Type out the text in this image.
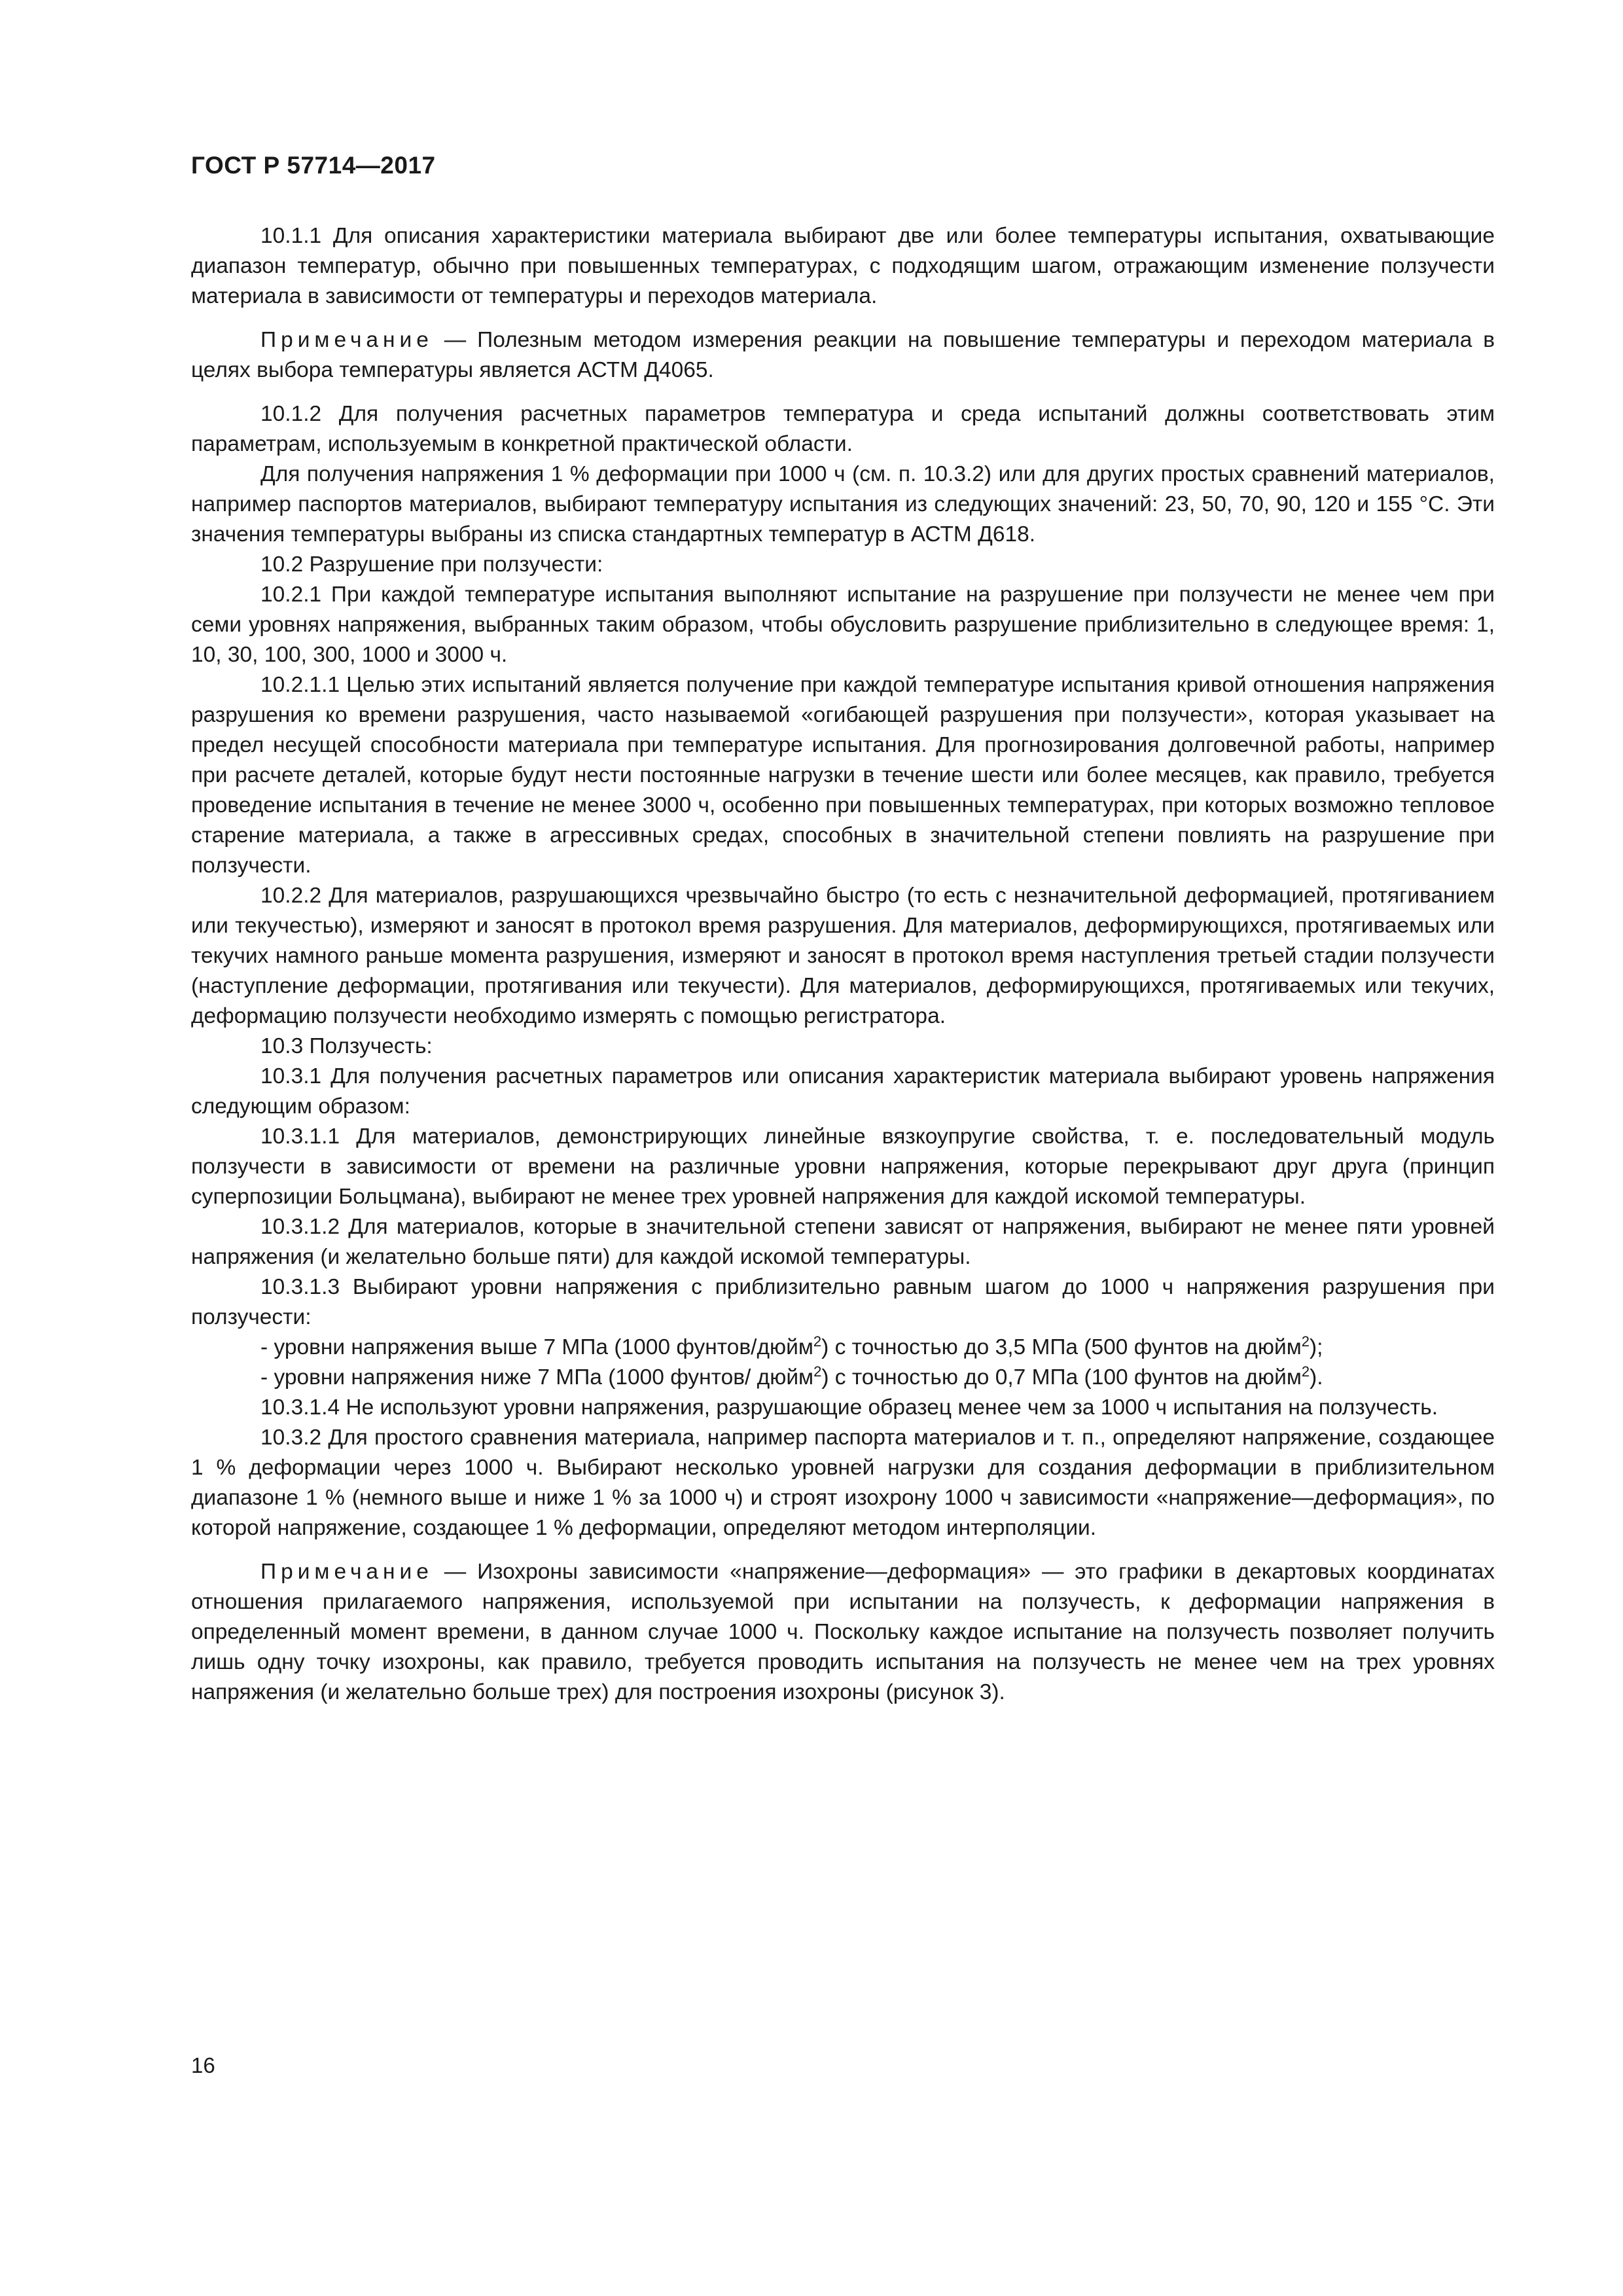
ГОСТ Р 57714—2017

10.1.1 Для описания характеристики материала выбирают две или более температуры испытания, охватывающие диапазон температур, обычно при повышенных температурах, с подходящим шагом, отражающим изменение ползучести материала в зависимости от температуры и переходов материала.

Примечание — Полезным методом измерения реакции на повышение температуры и переходом материала в целях выбора температуры является АСТМ Д4065.

10.1.2 Для получения расчетных параметров температура и среда испытаний должны соответствовать этим параметрам, используемым в конкретной практической области.

Для получения напряжения 1 % деформации при 1000 ч (см. п. 10.3.2) или для других простых сравнений материалов, например паспортов материалов, выбирают температуру испытания из следующих значений: 23, 50, 70, 90, 120 и 155 °С. Эти значения температуры выбраны из списка стандартных температур в АСТМ Д618.

10.2 Разрушение при ползучести:

10.2.1 При каждой температуре испытания выполняют испытание на разрушение при ползучести не менее чем при семи уровнях напряжения, выбранных таким образом, чтобы обусловить разрушение приблизительно в следующее время: 1, 10, 30, 100, 300, 1000 и 3000 ч.

10.2.1.1 Целью этих испытаний является получение при каждой температуре испытания кривой отношения напряжения разрушения ко времени разрушения, часто называемой «огибающей разрушения при ползучести», которая указывает на предел несущей способности материала при температуре испытания. Для прогнозирования долговечной работы, например при расчете деталей, которые будут нести постоянные нагрузки в течение шести или более месяцев, как правило, требуется проведение испытания в течение не менее 3000 ч, особенно при повышенных температурах, при которых возможно тепловое старение материала, а также в агрессивных средах, способных в значительной степени повлиять на разрушение при ползучести.

10.2.2 Для материалов, разрушающихся чрезвычайно быстро (то есть с незначительной деформацией, протягиванием или текучестью), измеряют и заносят в протокол время разрушения. Для материалов, деформирующихся, протягиваемых или текучих намного раньше момента разрушения, измеряют и заносят в протокол время наступления третьей стадии ползучести (наступление деформации, протягивания или текучести). Для материалов, деформирующихся, протягиваемых или текучих, деформацию ползучести необходимо измерять с помощью регистратора.

10.3 Ползучесть:

10.3.1 Для получения расчетных параметров или описания характеристик материала выбирают уровень напряжения следующим образом:

10.3.1.1 Для материалов, демонстрирующих линейные вязкоупругие свойства, т. е. последовательный модуль ползучести в зависимости от времени на различные уровни напряжения, которые перекрывают друг друга (принцип суперпозиции Больцмана), выбирают не менее трех уровней напряжения для каждой искомой температуры.

10.3.1.2 Для материалов, которые в значительной степени зависят от напряжения, выбирают не менее пяти уровней напряжения (и желательно больше пяти) для каждой искомой температуры.

10.3.1.3 Выбирают уровни напряжения с приблизительно равным шагом до 1000 ч напряжения разрушения при ползучести:

- уровни напряжения выше 7 МПа (1000 фунтов/дюйм$^2$) с точностью до 3,5 МПа (500 фунтов на дюйм$^2$);

- уровни напряжения ниже 7 МПа (1000 фунтов/ дюйм$^2$) с точностью до 0,7 МПа (100 фунтов на дюйм$^2$).

10.3.1.4 Не используют уровни напряжения, разрушающие образец менее чем за 1000 ч испытания на ползучесть.

10.3.2 Для простого сравнения материала, например паспорта материалов и т. п., определяют напряжение, создающее 1 % деформации через 1000 ч. Выбирают несколько уровней нагрузки для создания деформации в приблизительном диапазоне 1 % (немного выше и ниже 1 % за 1000 ч) и строят изохрону 1000 ч зависимости «напряжение—деформация», по которой напряжение, создающее 1 % деформации, определяют методом интерполяции.

Примечание — Изохроны зависимости «напряжение—деформация» — это графики в декартовых координатах отношения прилагаемого напряжения, используемой при испытании на ползучесть, к деформации напряжения в определенный момент времени, в данном случае 1000 ч. Поскольку каждое испытание на ползучесть позволяет получить лишь одну точку изохроны, как правило, требуется проводить испытания на ползучесть не менее чем на трех уровнях напряжения (и желательно больше трех) для построения изохроны (рисунок 3).

16
